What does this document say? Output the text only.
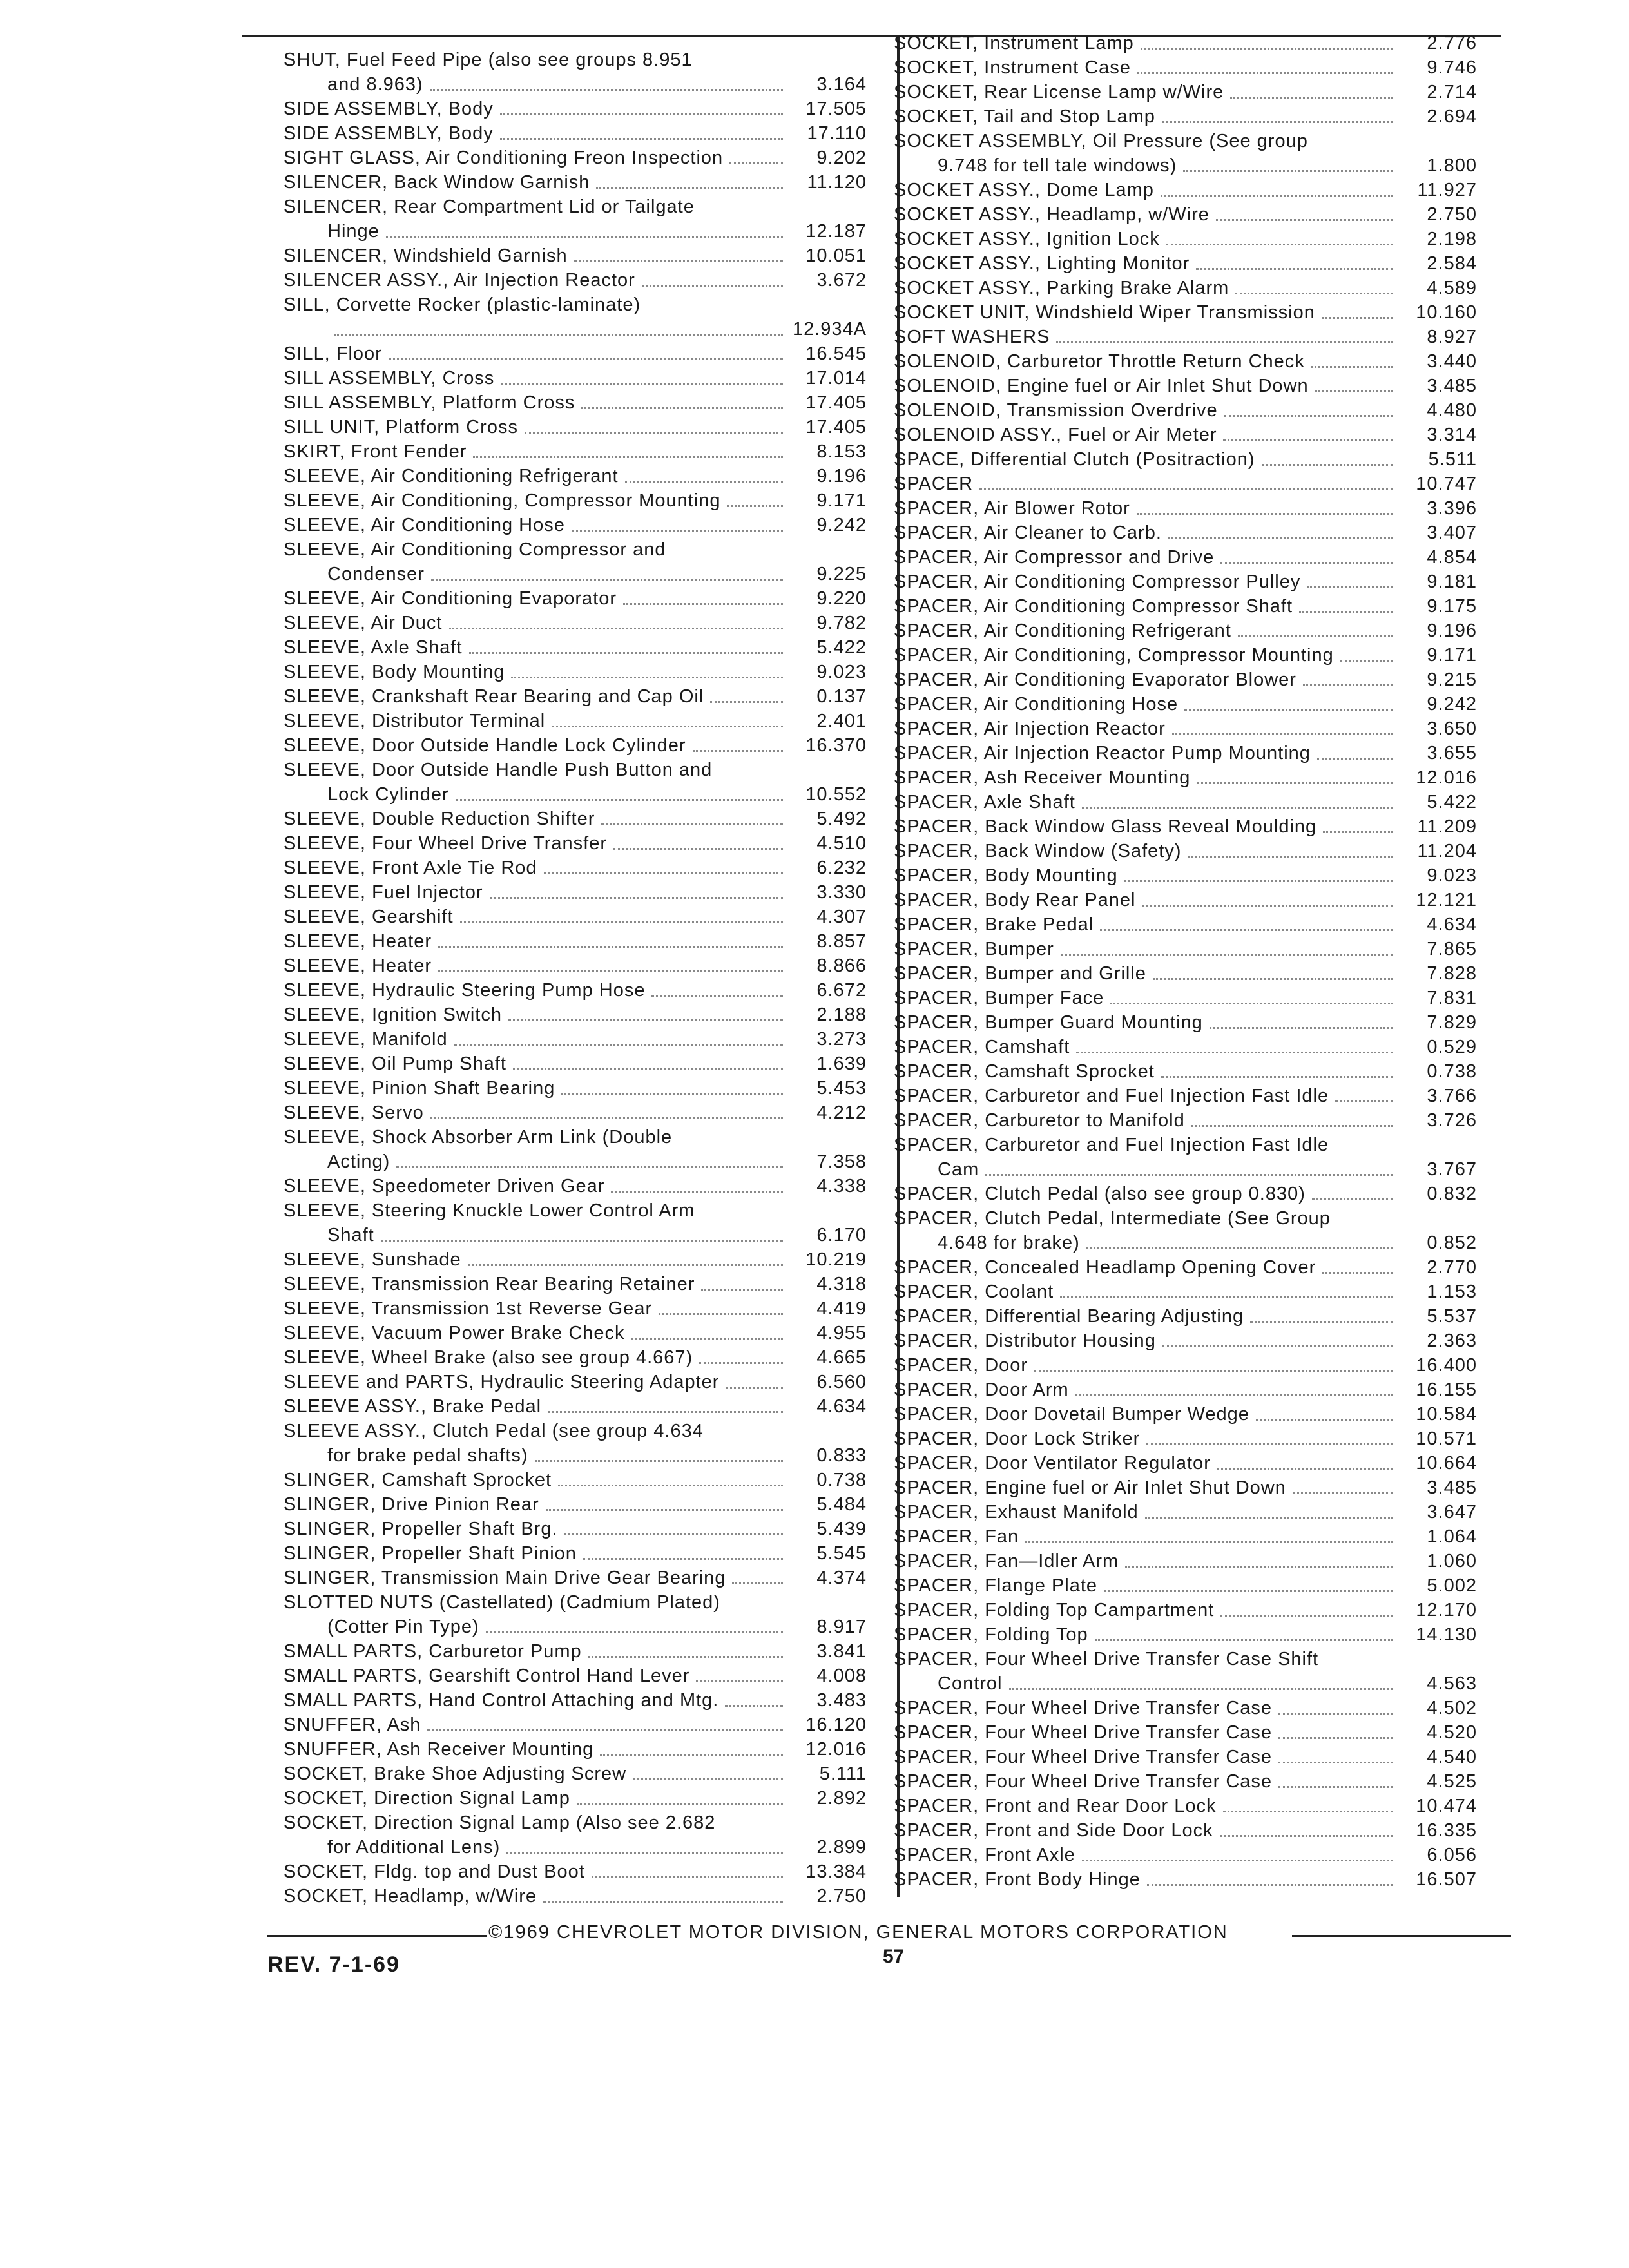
SHUT, Fuel Feed Pipe (also see groups 8.951
and 8.963)	3.164
SIDE ASSEMBLY, Body	17.505
SIDE ASSEMBLY, Body	17.110
SIGHT GLASS, Air Conditioning Freon Inspection	9.202
SILENCER, Back Window Garnish	11.120
SILENCER, Rear Compartment Lid or Tailgate
Hinge	12.187
SILENCER, Windshield Garnish	10.051
SILENCER ASSY., Air Injection Reactor	3.672
SILL, Corvette Rocker (plastic-laminate)
12.934A
SILL, Floor	16.545
SILL ASSEMBLY, Cross	17.014
SILL ASSEMBLY, Platform Cross	17.405
SILL UNIT, Platform Cross	17.405
SKIRT, Front Fender	8.153
SLEEVE, Air Conditioning Refrigerant	9.196
SLEEVE, Air Conditioning, Compressor Mounting	9.171
SLEEVE, Air Conditioning Hose	9.242
SLEEVE, Air Conditioning Compressor and
Condenser	9.225
SLEEVE, Air Conditioning Evaporator	9.220
SLEEVE, Air Duct	9.782
SLEEVE, Axle Shaft	5.422
SLEEVE, Body Mounting	9.023
SLEEVE, Crankshaft Rear Bearing and Cap Oil	0.137
SLEEVE, Distributor Terminal	2.401
SLEEVE, Door Outside Handle Lock Cylinder	16.370
SLEEVE, Door Outside Handle Push Button and
Lock Cylinder	10.552
SLEEVE, Double Reduction Shifter	5.492
SLEEVE, Four Wheel Drive Transfer	4.510
SLEEVE, Front Axle Tie Rod	6.232
SLEEVE, Fuel Injector	3.330
SLEEVE, Gearshift	4.307
SLEEVE, Heater	8.857
SLEEVE, Heater	8.866
SLEEVE, Hydraulic Steering Pump Hose	6.672
SLEEVE, Ignition Switch	2.188
SLEEVE, Manifold	3.273
SLEEVE, Oil Pump Shaft	1.639
SLEEVE, Pinion Shaft Bearing	5.453
SLEEVE, Servo	4.212
SLEEVE, Shock Absorber Arm Link (Double
Acting)	7.358
SLEEVE, Speedometer Driven Gear	4.338
SLEEVE, Steering Knuckle Lower Control Arm
Shaft	6.170
SLEEVE, Sunshade	10.219
SLEEVE, Transmission Rear Bearing Retainer	4.318
SLEEVE, Transmission 1st Reverse Gear	4.419
SLEEVE, Vacuum Power Brake Check	4.955
SLEEVE, Wheel Brake (also see group 4.667)	4.665
SLEEVE and PARTS, Hydraulic Steering Adapter	6.560
SLEEVE ASSY., Brake Pedal	4.634
SLEEVE ASSY., Clutch Pedal (see group 4.634
for brake pedal shafts)	0.833
SLINGER, Camshaft Sprocket	0.738
SLINGER, Drive Pinion Rear	5.484
SLINGER, Propeller Shaft Brg.	5.439
SLINGER, Propeller Shaft Pinion	5.545
SLINGER, Transmission Main Drive Gear Bearing	4.374
SLOTTED NUTS (Castellated) (Cadmium Plated)
(Cotter Pin Type)	8.917
SMALL PARTS, Carburetor Pump	3.841
SMALL PARTS, Gearshift Control Hand Lever	4.008
SMALL PARTS, Hand Control Attaching and Mtg.	3.483
SNUFFER, Ash	16.120
SNUFFER, Ash Receiver Mounting	12.016
SOCKET, Brake Shoe Adjusting Screw	5.111
SOCKET, Direction Signal Lamp	2.892
SOCKET, Direction Signal Lamp (Also see 2.682
for Additional Lens)	2.899
SOCKET, Fldg. top and Dust Boot	13.384
SOCKET, Headlamp, w/Wire	2.750
SOCKET, Instrument Lamp	2.776
SOCKET, Instrument Case	9.746
SOCKET, Rear License Lamp w/Wire	2.714
SOCKET, Tail and Stop Lamp	2.694
SOCKET ASSEMBLY, Oil Pressure (See group
9.748 for tell tale windows)	1.800
SOCKET ASSY., Dome Lamp	11.927
SOCKET ASSY., Headlamp, w/Wire	2.750
SOCKET ASSY., Ignition Lock	2.198
SOCKET ASSY., Lighting Monitor	2.584
SOCKET ASSY., Parking Brake Alarm	4.589
SOCKET UNIT, Windshield Wiper Transmission	10.160
SOFT WASHERS	8.927
SOLENOID, Carburetor Throttle Return Check	3.440
SOLENOID, Engine fuel or Air Inlet Shut Down	3.485
SOLENOID, Transmission Overdrive	4.480
SOLENOID ASSY., Fuel or Air Meter	3.314
SPACE, Differential Clutch (Positraction)	5.511
SPACER	10.747
SPACER, Air Blower Rotor	3.396
SPACER, Air Cleaner to Carb.	3.407
SPACER, Air Compressor and Drive	4.854
SPACER, Air Conditioning Compressor Pulley	9.181
SPACER, Air Conditioning Compressor Shaft	9.175
SPACER, Air Conditioning Refrigerant	9.196
SPACER, Air Conditioning, Compressor Mounting	9.171
SPACER, Air Conditioning Evaporator Blower	9.215
SPACER, Air Conditioning Hose	9.242
SPACER, Air Injection Reactor	3.650
SPACER, Air Injection Reactor Pump Mounting	3.655
SPACER, Ash Receiver Mounting	12.016
SPACER, Axle Shaft	5.422
SPACER, Back Window Glass Reveal Moulding	11.209
SPACER, Back Window (Safety)	11.204
SPACER, Body Mounting	9.023
SPACER, Body Rear Panel	12.121
SPACER, Brake Pedal	4.634
SPACER, Bumper	7.865
SPACER, Bumper and Grille	7.828
SPACER, Bumper Face	7.831
SPACER, Bumper Guard Mounting	7.829
SPACER, Camshaft	0.529
SPACER, Camshaft Sprocket	0.738
SPACER, Carburetor and Fuel Injection Fast Idle	3.766
SPACER, Carburetor to Manifold	3.726
SPACER, Carburetor and Fuel Injection Fast Idle
Cam	3.767
SPACER, Clutch Pedal (also see group 0.830)	0.832
SPACER, Clutch Pedal, Intermediate (See Group
4.648 for brake)	0.852
SPACER, Concealed Headlamp Opening Cover	2.770
SPACER, Coolant	1.153
SPACER, Differential Bearing Adjusting	5.537
SPACER, Distributor Housing	2.363
SPACER, Door	16.400
SPACER, Door Arm	16.155
SPACER, Door Dovetail Bumper Wedge	10.584
SPACER, Door Lock Striker	10.571
SPACER, Door Ventilator Regulator	10.664
SPACER, Engine fuel or Air Inlet Shut Down	3.485
SPACER, Exhaust Manifold	3.647
SPACER, Fan	1.064
SPACER, Fan—Idler Arm	1.060
SPACER, Flange Plate	5.002
SPACER, Folding Top Campartment	12.170
SPACER, Folding Top	14.130
SPACER, Four Wheel Drive Transfer Case Shift
Control	4.563
SPACER, Four Wheel Drive Transfer Case	4.502
SPACER, Four Wheel Drive Transfer Case	4.520
SPACER, Four Wheel Drive Transfer Case	4.540
SPACER, Four Wheel Drive Transfer Case	4.525
SPACER, Front and Rear Door Lock	10.474
SPACER, Front and Side Door Lock	16.335
SPACER, Front Axle	6.056
SPACER, Front Body Hinge	16.507
©1969 CHEVROLET MOTOR DIVISION, GENERAL MOTORS CORPORATION
REV. 7-1-69	57
